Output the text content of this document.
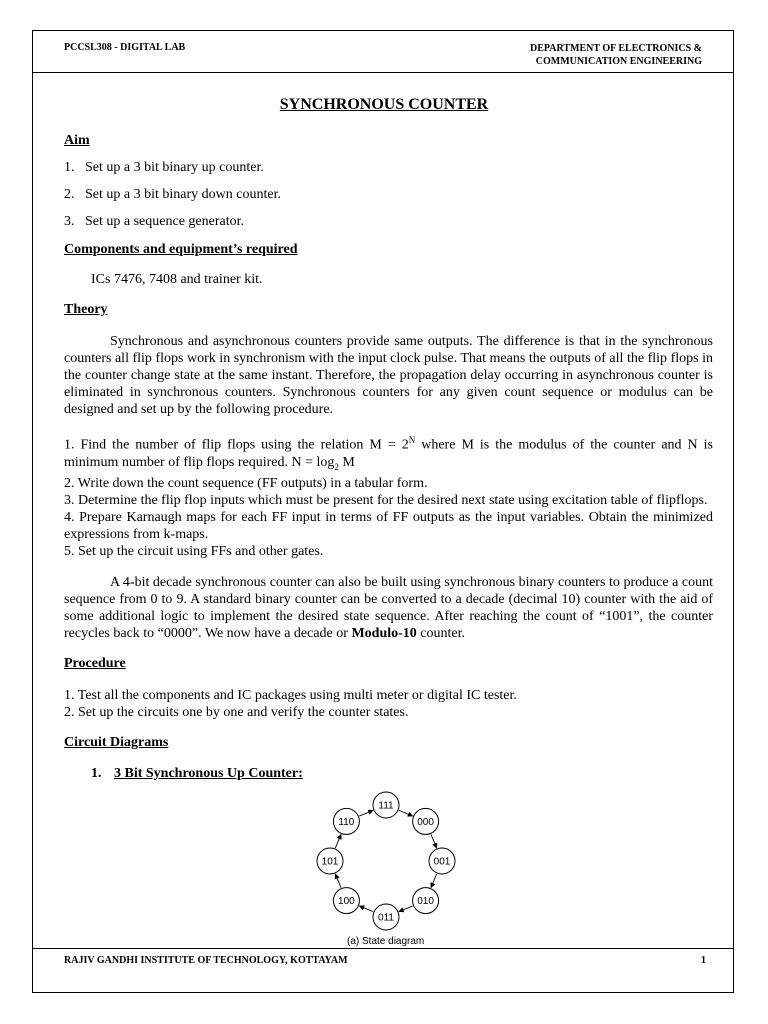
PCCSL308 - DIGITAL LAB	DEPARTMENT OF ELECTRONICS &
COMMUNICATION ENGINEERING
SYNCHRONOUS COUNTER
Aim
1.   Set up a 3 bit binary up counter.
2.   Set up a 3 bit binary down counter.
3.   Set up a sequence generator.
Components and equipment’s required
ICs 7476, 7408 and trainer kit.
Theory
Synchronous and asynchronous counters provide same outputs. The difference is that in the synchronous counters all flip flops work in synchronism with the input clock pulse. That means the outputs of all the flip flops in the counter change state at the same instant. Therefore, the propagation delay occurring in asynchronous counter is eliminated in synchronous counters. Synchronous counters for any given count sequence or modulus can be designed and set up by the following procedure.
1. Find the number of flip flops using the relation $M = 2^N$ where M is the modulus of the counter and N is minimum number of flip flops required. $N = \log_2 M$
2. Write down the count sequence (FF outputs) in a tabular form.
3. Determine the flip flop inputs which must be present for the desired next state using excitation table of flipflops.
4. Prepare Karnaugh maps for each FF input in terms of FF outputs as the input variables. Obtain the minimized expressions from k-maps.
5. Set up the circuit using FFs and other gates.
A 4-bit decade synchronous counter can also be built using synchronous binary counters to produce a count sequence from 0 to 9. A standard binary counter can be converted to a decade (decimal 10) counter with the aid of some additional logic to implement the desired state sequence. After reaching the count of “1001”, the counter recycles back to “0000”. We now have a decade or Modulo-10 counter.
Procedure
1. Test all the components and IC packages using multi meter or digital IC tester.
2. Set up the circuits one by one and verify the counter states.
Circuit Diagrams
1. 3 Bit Synchronous Up Counter:
111
000
001
010
011
100
101
110
(a) State diagram
RAJIV GANDHI INSTITUTE OF TECHNOLOGY, KOTTAYAM	1
